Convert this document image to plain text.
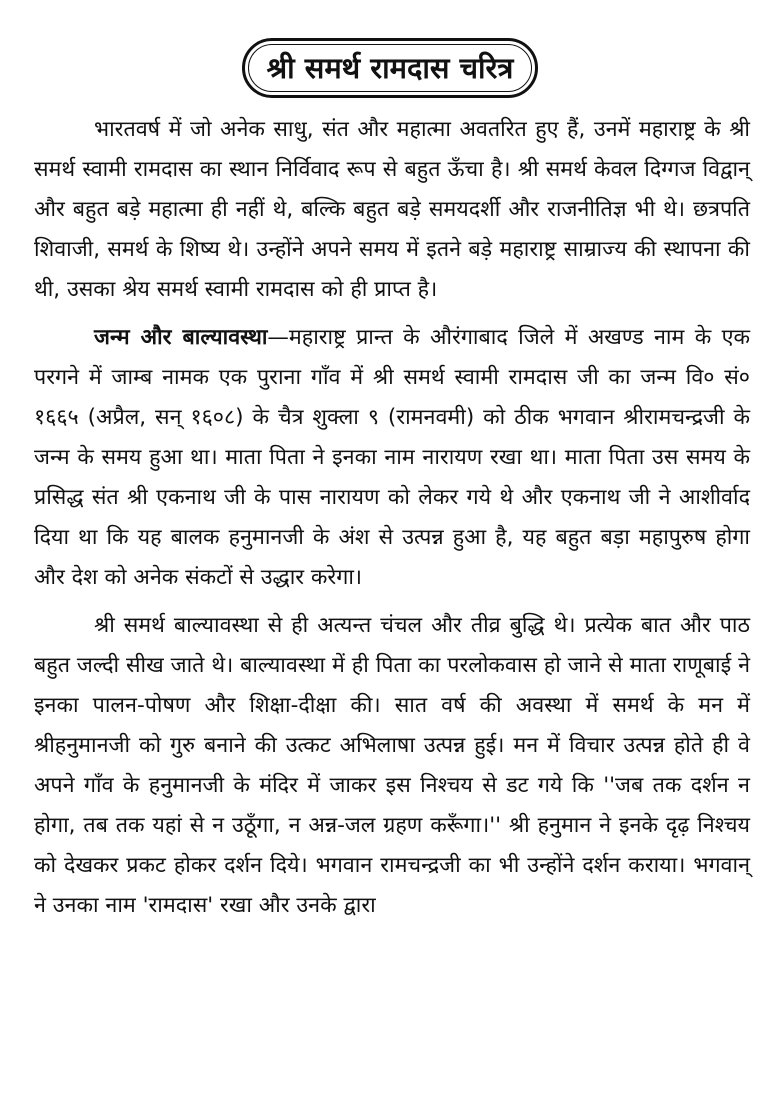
श्री समर्थ रामदास चरित्र

भारतवर्ष में जो अनेक साधु, संत और महात्मा अवतरित हुए हैं, उनमें महाराष्ट्र के श्री समर्थ स्वामी रामदास का स्थान निर्विवाद रूप से बहुत ऊँचा है। श्री समर्थ केवल दिग्गज विद्वान् और बहुत बड़े महात्मा ही नहीं थे, बल्कि बहुत बड़े समयदर्शी और राजनीतिज्ञ भी थे। छत्रपति शिवाजी, समर्थ के शिष्य थे। उन्होंने अपने समय में इतने बड़े महाराष्ट्र साम्राज्य की स्थापना की थी, उसका श्रेय समर्थ स्वामी रामदास को ही प्राप्त है।

जन्म और बाल्यावस्था—महाराष्ट्र प्रान्त के औरंगाबाद जिले में अखण्ड नाम के एक परगने में जाम्ब नामक एक पुराना गाँव में श्री समर्थ स्वामी रामदास जी का जन्म वि० सं० १६६५ (अप्रैल, सन् १६०८) के चैत्र शुक्ला ९ (रामनवमी) को ठीक भगवान श्रीरामचन्द्रजी के जन्म के समय हुआ था। माता पिता ने इनका नाम नारायण रखा था। माता पिता उस समय के प्रसिद्ध संत श्री एकनाथ जी के पास नारायण को लेकर गये थे और एकनाथ जी ने आशीर्वाद दिया था कि यह बालक हनुमानजी के अंश से उत्पन्न हुआ है, यह बहुत बड़ा महापुरुष होगा और देश को अनेक संकटों से उद्धार करेगा।

श्री समर्थ बाल्यावस्था से ही अत्यन्त चंचल और तीव्र बुद्धि थे। प्रत्येक बात और पाठ बहुत जल्दी सीख जाते थे। बाल्यावस्था में ही पिता का परलोकवास हो जाने से माता राणूबाई ने इनका पालन-पोषण और शिक्षा-दीक्षा की। सात वर्ष की अवस्था में समर्थ के मन में श्रीहनुमानजी को गुरु बनाने की उत्कट अभिलाषा उत्पन्न हुई। मन में विचार उत्पन्न होते ही वे अपने गाँव के हनुमानजी के मंदिर में जाकर इस निश्चय से डट गये कि ''जब तक दर्शन न होगा, तब तक यहां से न उठूँगा, न अन्न-जल ग्रहण करूँगा।'' श्री हनुमान ने इनके दृढ़ निश्चय को देखकर प्रकट होकर दर्शन दिये। भगवान रामचन्द्रजी का भी उन्होंने दर्शन कराया। भगवान् ने उनका नाम 'रामदास' रखा और उनके द्वारा
